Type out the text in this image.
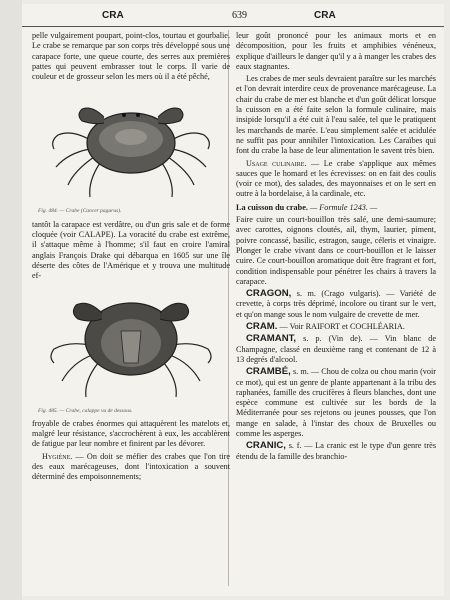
CRA	639	CRA

pelle vulgairement poupart, point-clos, tourtau et gourbalie. Le crabe se remarque par son corps très développé sous une carapace forte, une queue courte, des serres aux premières pattes qui peuvent embrasser tout le corps. Il varie de couleur et de grosseur selon les mers où il a été pêché,

Fig. 484. — Crabe (Cancer pagurus).

tantôt la carapace est verdâtre, ou d'un gris sale et de forme cloquée (voir CALAPE). La voracité du crabe est extrême, il s'attaque même à l'homme; s'il faut en croire l'amiral anglais François Drake qui débarqua en 1605 sur une île déserte des côtes de l'Amérique et y trouva une multitude ef-

Fig. 485. — Crabe, calappe vu de dessous.

froyable de crabes énormes qui attaquèrent les matelots et, malgré leur résistance, s'accrochèrent à eux, les accablèrent de fatigue par leur nombre et finirent par les dévorer.

Hygiène. — On doit se méfier des crabes que l'on tire des eaux marécageuses, dont l'intoxication a souvent déterminé des empoisonnements;

leur goût prononcé pour les animaux morts et en décomposition, pour les fruits et amphibies vénéneux, explique d'ailleurs le danger qu'il y a à manger les crabes des eaux stagnantes.

Les crabes de mer seuls devraient paraître sur les marchés et l'on devrait interdire ceux de provenance marécageuse. La chair du crabe de mer est blanche et d'un goût délicat lorsque la cuisson en a été faite selon la formule culinaire, mais insipide lorsqu'il a été cuit à l'eau salée, tel que le pratiquent les marchands de marée. L'eau simplement salée et acidulée ne suffit pas pour annihiler l'intoxication. Les Caraïbes qui font du crabe la base de leur alimentation le savent très bien.

Usage culinaire. — Le crabe s'applique aux mêmes sauces que le homard et les écrevisses: on en fait des coulis (voir ce mot), des salades, des mayonnaises et on le sert en outre à la bordelaise, à la cardinale, etc.

La cuisson du crabe. — Formule 1243. —

Faire cuire un court-bouillon très salé, une demi-saumure; avec carottes, oignons cloutés, ail, thym, laurier, piment, poivre concassé, basilic, estragon, sauge, céleris et vinaigre. Plonger le crabe vivant dans ce court-bouillon et le laisser cuire. Ce court-bouillon aromatique doit être fragrant et fort, condition indispensable pour pénétrer les chairs à travers la carapace.

CRAGON, s. m. (Crago vulgaris). — Variété de crevette, à corps très déprimé, incolore ou tirant sur le vert, et qu'on mange sous le nom vulgaire de crevette de mer.

CRAM. — Voir RAIFORT et COCHLÉARIA.

CRAMANT, s. p. (Vin de). — Vin blanc de Champagne, classé en deuxième rang et contenant de 12 à 13 degrés d'alcool.

CRAMBÉ, s. m. — Chou de colza ou chou marin (voir ce mot), qui est un genre de plante appartenant à la tribu des raphanées, famille des crucifères à fleurs blanches, dont une espèce commune est cultivée sur les bords de la Méditerranée pour ses rejetons ou jeunes pousses, que l'on mange en salade, à l'instar des choux de Bruxelles ou comme les asperges.

CRANIC, s. f. — La cranic est le type d'un genre très étendu de la famille des branchio-
